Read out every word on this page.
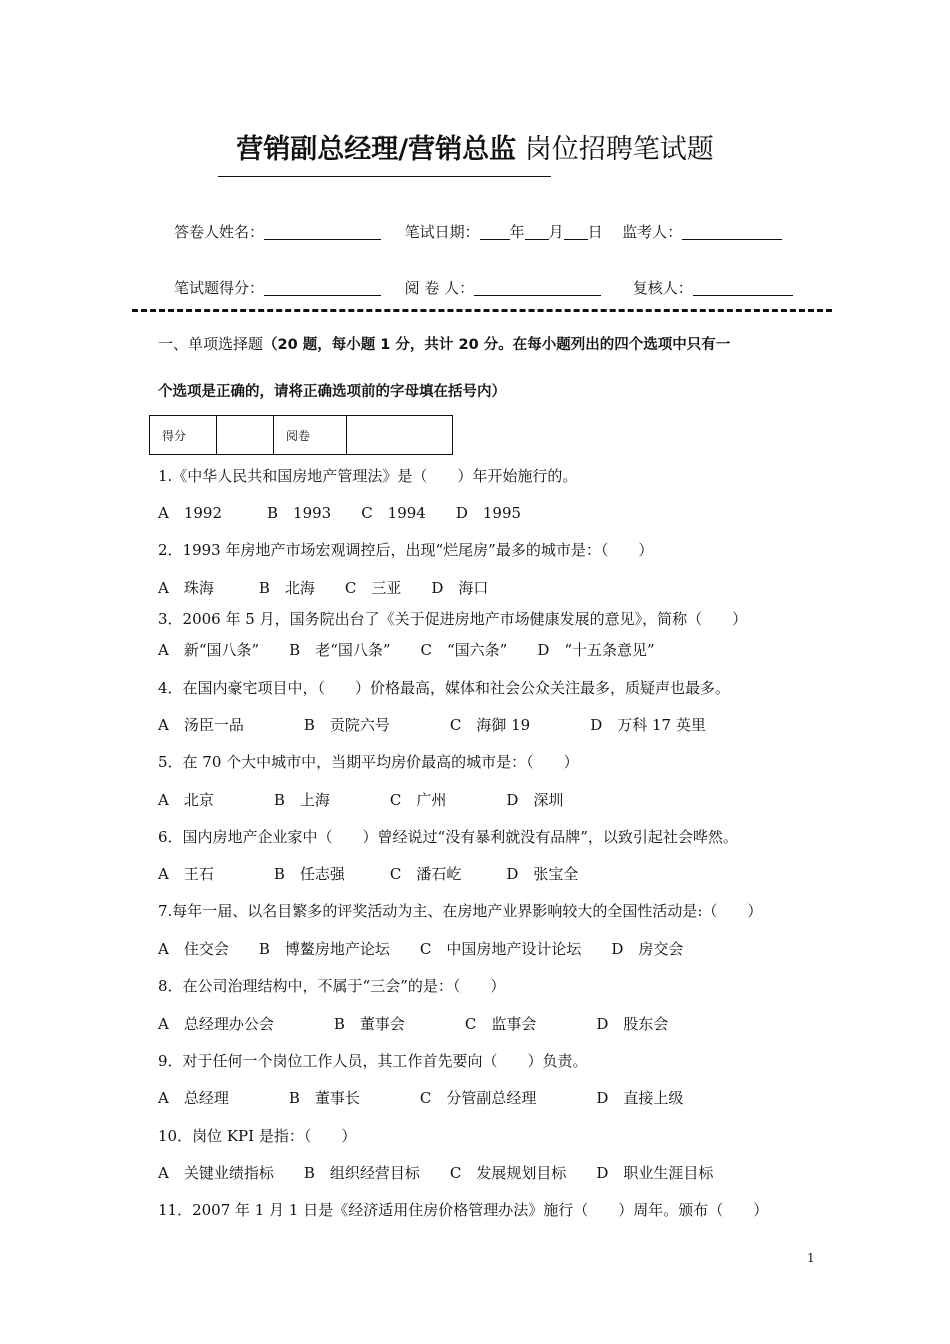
营销副总经理/营销总监 岗位招聘笔试题
答卷人姓名：	笔试日期： 年 月 日 监考人：
笔试题得分：	阅 卷 人：	复核人：
一、单项选择题（20 题，每小题 1 分，共计 20 分。在每小题列出的四个选项中只有一
个选项是正确的，请将正确选项前的字母填在括号内）
得分		阅卷	
1.《中华人民共和国房地产管理法》是（　　）年开始施行的。
A　1992　　　B　1993　　C　1994　　D　1995
2．1993 年房地产市场宏观调控后，出现“烂尾房”最多的城市是：（　　）
A　珠海　　　B　北海　　C　三亚　　D　海口
3．2006 年 5 月，国务院出台了《关于促进房地产市场健康发展的意见》，简称（　　）
A　新“国八条”　　B　老“国八条”　　C　“国六条”　　D　“十五条意见”
4．在国内豪宅项目中，（　　）价格最高，媒体和社会公众关注最多，质疑声也最多。
A　汤臣一品　　　　B　贡院六号　　　　C　海御 19　　　　D　万科 17 英里
5．在 70 个大中城市中，当期平均房价最高的城市是：（　　）
A　北京　　　　B　上海　　　　C　广州　　　　D　深圳
6．国内房地产企业家中（　　）曾经说过“没有暴利就没有品牌”，以致引起社会哗然。
A　王石　　　　B　任志强　　　C　潘石屹　　　D　张宝全
7.每年一届、以名目繁多的评奖活动为主、在房地产业界影响较大的全国性活动是:（　　）
A　住交会　　B　博鳌房地产论坛　　C　中国房地产设计论坛　　D　房交会
8．在公司治理结构中，不属于“三会”的是：（　　）
A　总经理办公会　　　　B　董事会　　　　C　监事会　　　　D　股东会
9．对于任何一个岗位工作人员，其工作首先要向（　　）负责。
A　总经理　　　　B　董事长　　　　C　分管副总经理　　　　D　直接上级
10．岗位 KPI 是指：（　　）
A　关键业绩指标　　B　组织经营目标　　C　发展规划目标　　D　职业生涯目标
11．2007 年 1 月 1 日是《经济适用住房价格管理办法》施行（　　）周年。颁布（　　）
1
